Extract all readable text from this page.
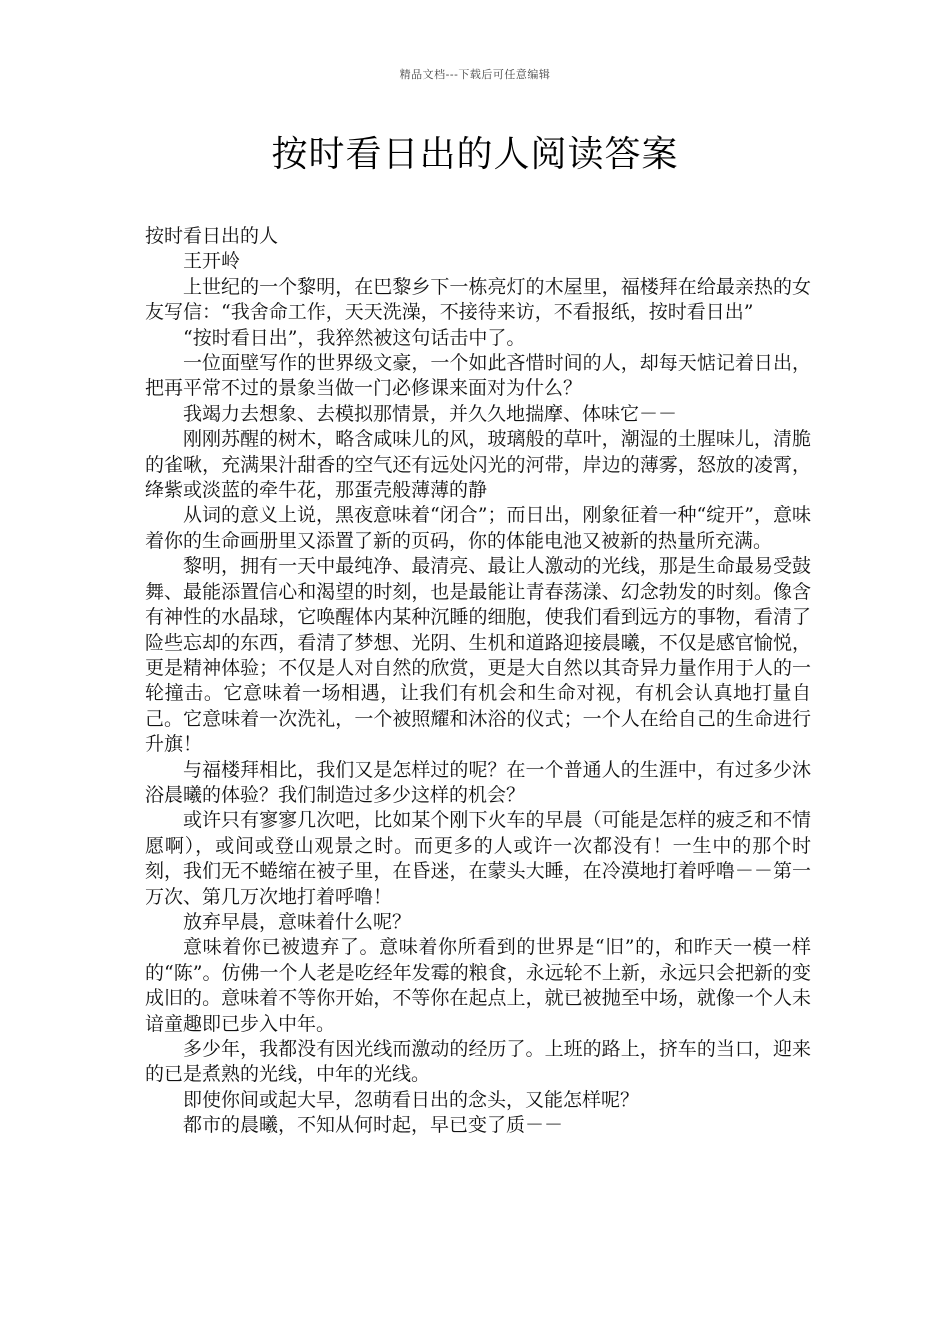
精品文档---下载后可任意编辑
按时看日出的人阅读答案

按时看日出的人

王开岭

上世纪的一个黎明，在巴黎乡下一栋亮灯的木屋里，福楼拜在给最亲热的女友写信：“我舍命工作，天天洗澡，不接待来访，不看报纸，按时看日出”

“按时看日出”，我猝然被这句话击中了。

一位面壁写作的世界级文豪，一个如此吝惜时间的人，却每天惦记着日出，把再平常不过的景象当做一门必修课来面对为什么？

我竭力去想象、去模拟那情景，并久久地揣摩、体味它－－

刚刚苏醒的树木，略含咸味儿的风，玻璃般的草叶，潮湿的土腥味儿，清脆的雀啾，充满果汁甜香的空气还有远处闪光的河带，岸边的薄雾，怒放的凌霄，绛紫或淡蓝的牵牛花，那蛋壳般薄薄的静

从词的意义上说，黑夜意味着“闭合”；而日出，刚象征着一种“绽开”，意味着你的生命画册里又添置了新的页码，你的体能电池又被新的热量所充满。

黎明，拥有一天中最纯净、最清亮、最让人激动的光线，那是生命最易受鼓舞、最能添置信心和渴望的时刻，也是最能让青春荡漾、幻念勃发的时刻。像含有神性的水晶球，它唤醒体内某种沉睡的细胞，使我们看到远方的事物，看清了险些忘却的东西，看清了梦想、光阴、生机和道路迎接晨曦，不仅是感官愉悦，更是精神体验；不仅是人对自然的欣赏，更是大自然以其奇异力量作用于人的一轮撞击。它意味着一场相遇，让我们有机会和生命对视，有机会认真地打量自己。它意味着一次洗礼，一个被照耀和沐浴的仪式；一个人在给自己的生命进行升旗！

与福楼拜相比，我们又是怎样过的呢？在一个普通人的生涯中，有过多少沐浴晨曦的体验？我们制造过多少这样的机会？

或许只有寥寥几次吧，比如某个刚下火车的早晨（可能是怎样的疲乏和不情愿啊），或间或登山观景之时。而更多的人或许一次都没有！一生中的那个时刻，我们无不蜷缩在被子里，在昏迷，在蒙头大睡，在冷漠地打着呼噜－－第一万次、第几万次地打着呼噜！

放弃早晨，意味着什么呢？

意味着你已被遗弃了。意味着你所看到的世界是“旧”的，和昨天一模一样的“陈”。仿佛一个人老是吃经年发霉的粮食，永远轮不上新，永远只会把新的变成旧的。意味着不等你开始，不等你在起点上，就已被抛至中场，就像一个人未谙童趣即已步入中年。

多少年，我都没有因光线而激动的经历了。上班的路上，挤车的当口，迎来的已是煮熟的光线，中年的光线。

即使你间或起大早，忽萌看日出的念头，又能怎样呢？

都市的晨曦，不知从何时起，早已变了质－－
